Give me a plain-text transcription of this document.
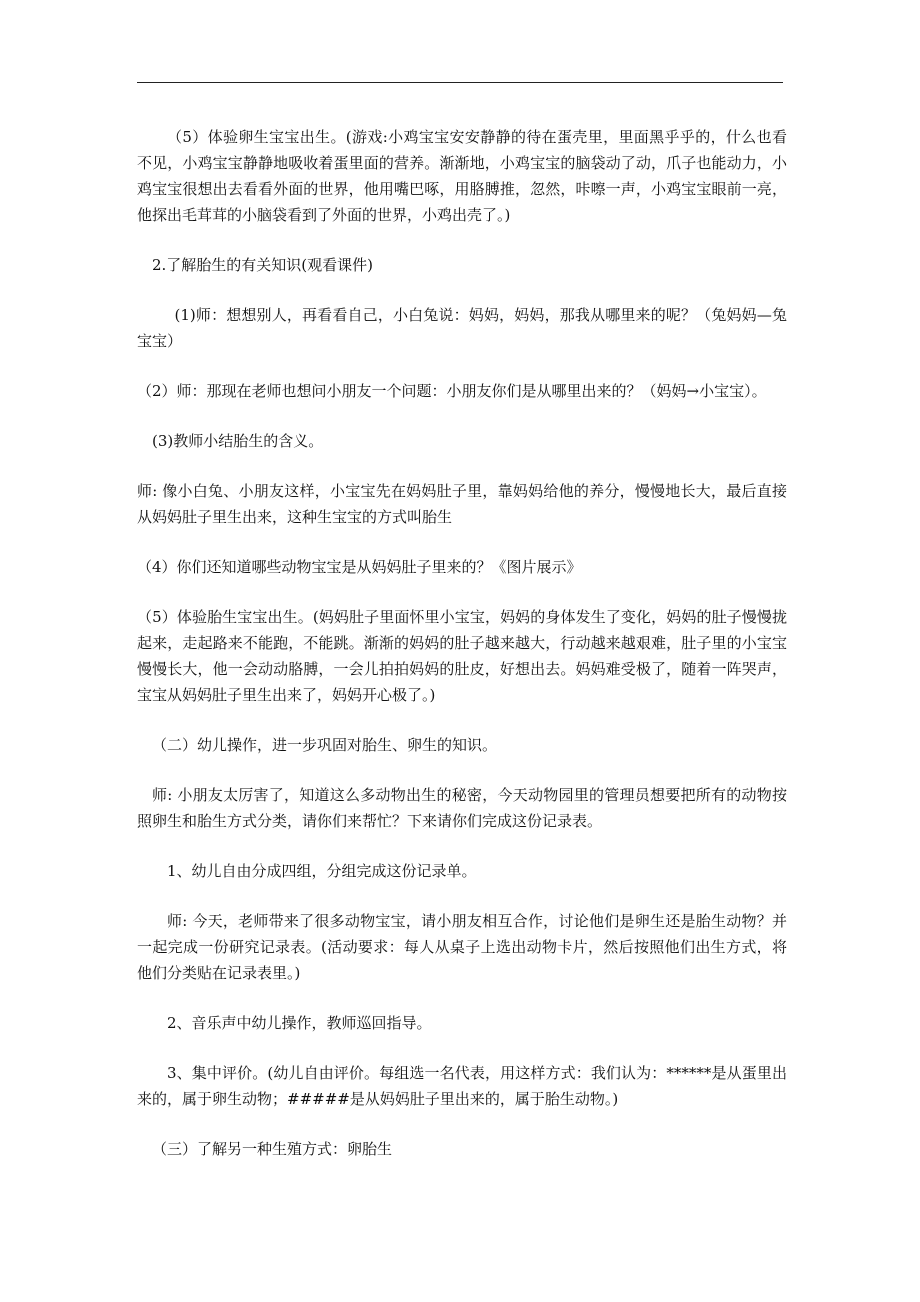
（5）体验卵生宝宝出生。(游戏:小鸡宝宝安安静静的待在蛋壳里，里面黑乎乎的，什么也看不见，小鸡宝宝静静地吸收着蛋里面的营养。渐渐地，小鸡宝宝的脑袋动了动，爪子也能动力，小鸡宝宝很想出去看看外面的世界，他用嘴巴啄，用胳膊推，忽然，咔嚓一声，小鸡宝宝眼前一亮，他探出毛茸茸的小脑袋看到了外面的世界，小鸡出壳了。)

2.了解胎生的有关知识(观看课件)

(1)师：想想别人，再看看自己，小白兔说：妈妈，妈妈，那我从哪里来的呢？（兔妈妈—兔宝宝）

（2）师：那现在老师也想问小朋友一个问题：小朋友你们是从哪里出来的？（妈妈→小宝宝）。

(3)教师小结胎生的含义。

师: 像小白兔、小朋友这样，小宝宝先在妈妈肚子里，靠妈妈给他的养分，慢慢地长大，最后直接从妈妈肚子里生出来，这种生宝宝的方式叫胎生

（4）你们还知道哪些动物宝宝是从妈妈肚子里来的？《图片展示》

（5）体验胎生宝宝出生。(妈妈肚子里面怀里小宝宝，妈妈的身体发生了变化，妈妈的肚子慢慢拢起来，走起路来不能跑，不能跳。渐渐的妈妈的肚子越来越大，行动越来越艰难，肚子里的小宝宝慢慢长大，他一会动动胳膊，一会儿拍拍妈妈的肚皮，好想出去。妈妈难受极了，随着一阵哭声，宝宝从妈妈肚子里生出来了，妈妈开心极了。)

（二）幼儿操作，进一步巩固对胎生、卵生的知识。

师: 小朋友太厉害了，知道这么多动物出生的秘密，今天动物园里的管理员想要把所有的动物按照卵生和胎生方式分类，请你们来帮忙？下来请你们完成这份记录表。

1、幼儿自由分成四组，分组完成这份记录单。

师: 今天，老师带来了很多动物宝宝，请小朋友相互合作，讨论他们是卵生还是胎生动物？并一起完成一份研究记录表。(活动要求：每人从桌子上选出动物卡片，然后按照他们出生方式，将他们分类贴在记录表里。)

2、音乐声中幼儿操作，教师巡回指导。

3、集中评价。(幼儿自由评价。每组选一名代表，用这样方式：我们认为：******是从蛋里出来的，属于卵生动物；#####是从妈妈肚子里出来的，属于胎生动物。)

（三）了解另一种生殖方式：卵胎生
